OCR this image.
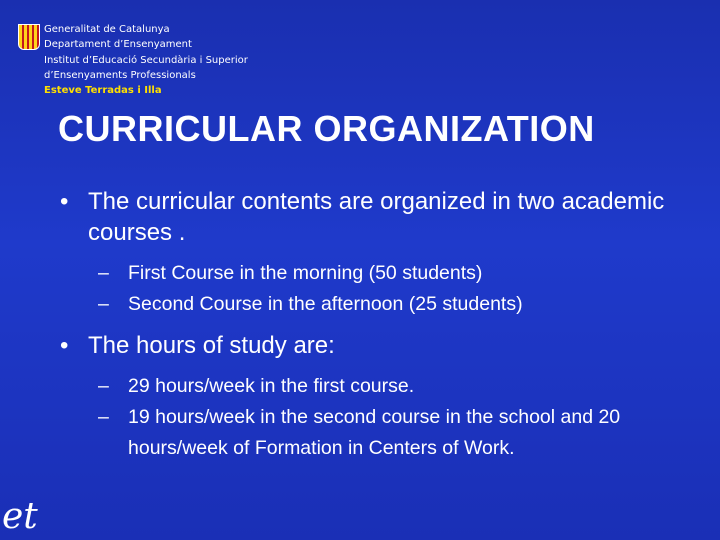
Generalitat de Catalunya
Departament d’Ensenyament
Institut d’Educació Secundària i Superior
d’Ensenyaments Professionals
Esteve Terradas i Illa
CURRICULAR ORGANIZATION
• The curricular contents are organized in two academic courses .
– First Course in the morning (50 students)
– Second Course in the afternoon (25 students)
• The hours of study are:
– 29 hours/week in the first course.
– 19 hours/week in the second course in the school and 20 hours/week of Formation in Centers of Work.
et
